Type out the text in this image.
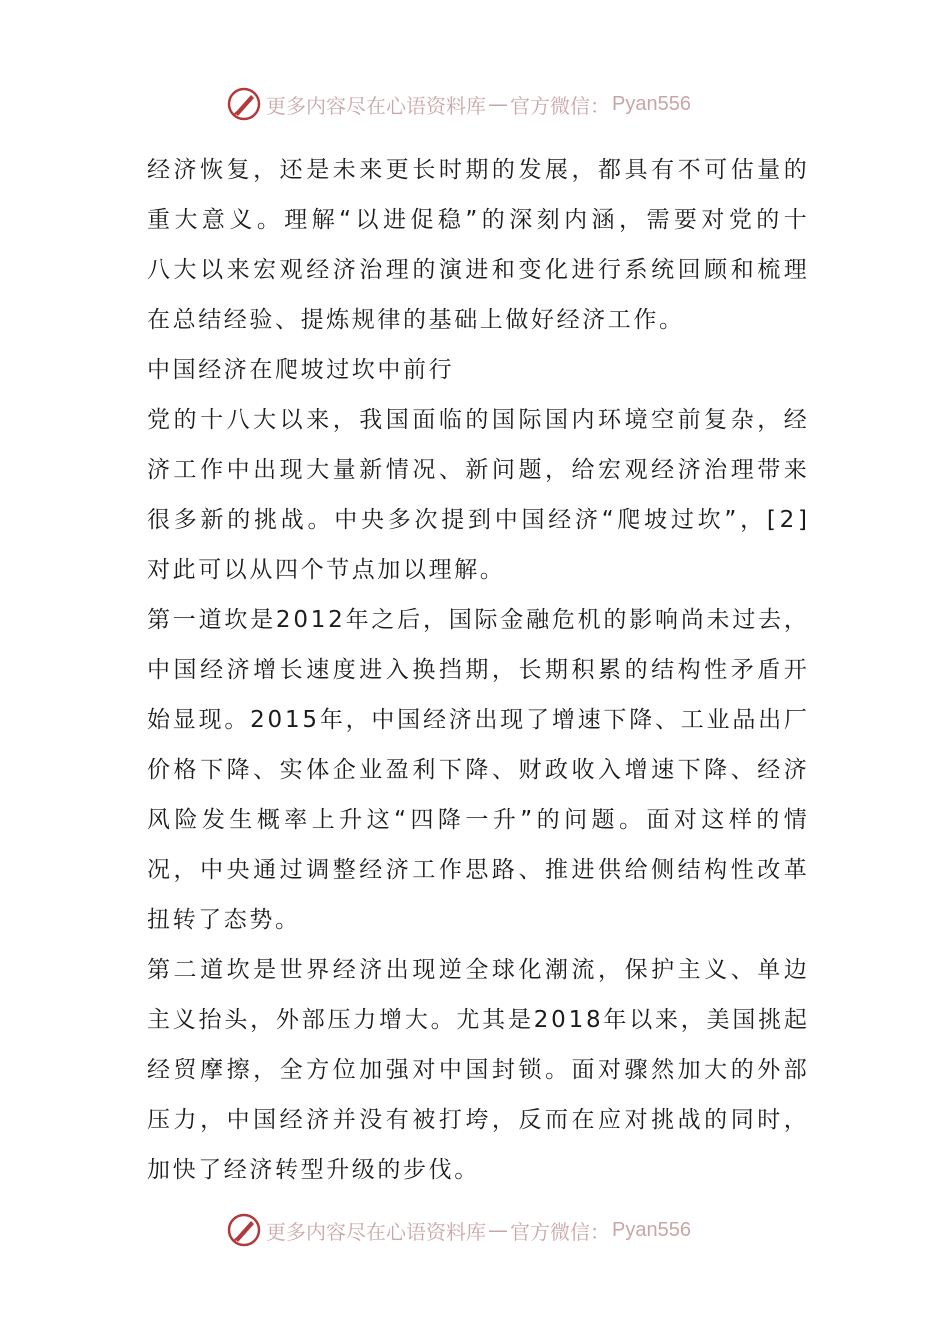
更多内容尽在心语资料库 — 官方微信： Pyan556
经 济 恢 复 ， 还 是 未 来 更 长 时 期 的 发 展 ， 都 具 有 不 可 估 量 的
重 大 意 义 。 理 解 “ 以 进 促 稳 ” 的 深 刻 内 涵 ， 需 要 对 党 的 十
八 大 以 来 宏 观 经 济 治 理 的 演 进 和 变 化 进 行 系 统 回 顾 和 梳 理
在总结经验、提炼规律的基础上做好经济工作。
中国经济在爬坡过坎中前行
党 的 十 八 大 以 来 ， 我 国 面 临 的 国 际 国 内 环 境 空 前 复 杂 ， 经
济 工 作 中 出 现 大 量 新 情 况 、 新 问 题 ， 给 宏 观 经 济 治 理 带 来
很 多 新 的 挑 战 。 中 央 多 次 提 到 中 国 经 济 “ 爬 坡 过 坎 ” ， [ 2 ]
对此可以从四个节点加以理解。
第 一 道 坎 是 2 0 1 2 年 之 后 ， 国 际 金 融 危 机 的 影 响 尚 未 过 去 ，
中 国 经 济 增 长 速 度 进 入 换 挡 期 ， 长 期 积 累 的 结 构 性 矛 盾 开
始 显 现 。 2 0 1 5 年 ， 中 国 经 济 出 现 了 增 速 下 降 、 工 业 品 出 厂
价 格 下 降 、 实 体 企 业 盈 利 下 降 、 财 政 收 入 增 速 下 降 、 经 济
风 险 发 生 概 率 上 升 这 “ 四 降 一 升 ” 的 问 题 。 面 对 这 样 的 情
况 ， 中 央 通 过 调 整 经 济 工 作 思 路 、 推 进 供 给 侧 结 构 性 改 革
扭转了态势。
第 二 道 坎 是 世 界 经 济 出 现 逆 全 球 化 潮 流 ， 保 护 主 义 、 单 边
主 义 抬 头 ， 外 部 压 力 增 大 。 尤 其 是 2 0 1 8 年 以 来 ， 美 国 挑 起
经 贸 摩 擦 ， 全 方 位 加 强 对 中 国 封 锁 。 面 对 骤 然 加 大 的 外 部
压 力 ， 中 国 经 济 并 没 有 被 打 垮 ， 反 而 在 应 对 挑 战 的 同 时 ，
加快了经济转型升级的步伐。
更多内容尽在心语资料库 — 官方微信： Pyan556
